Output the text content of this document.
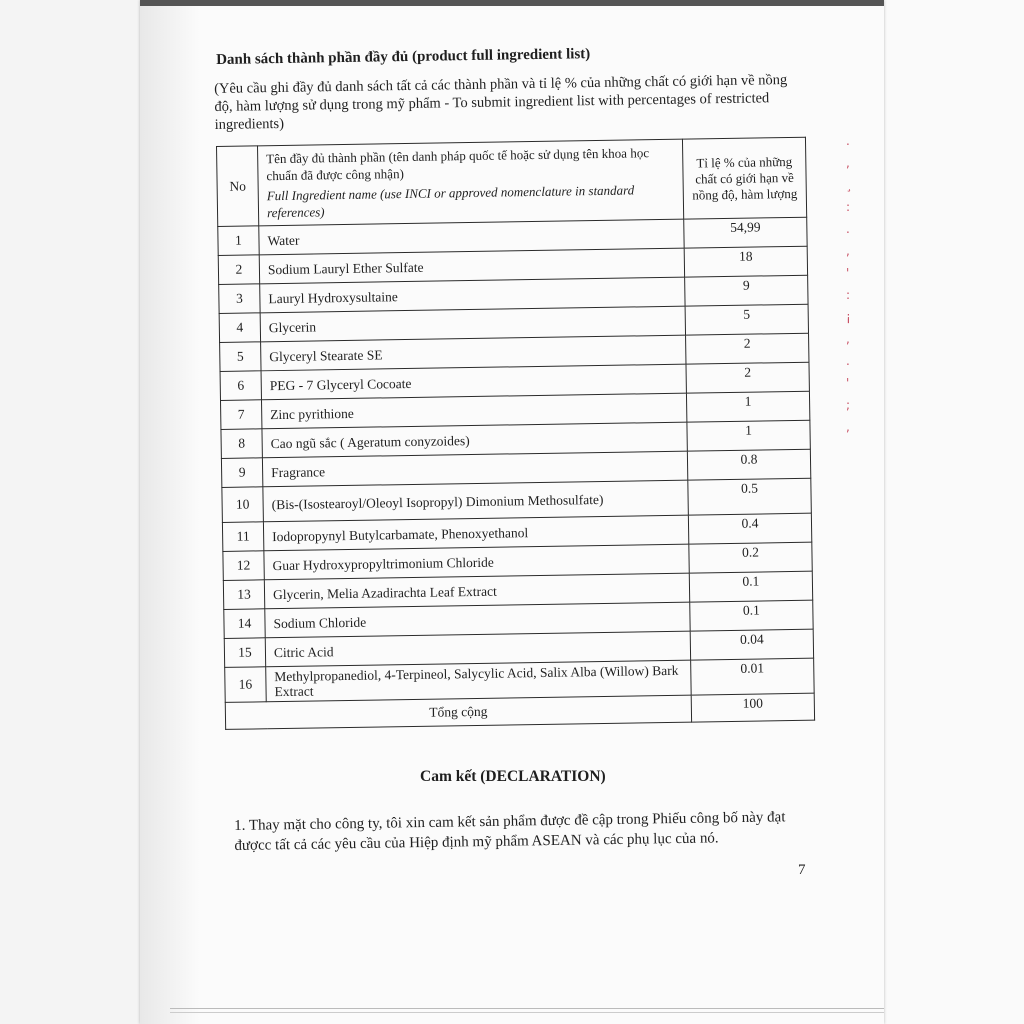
.
,
¸
:
.
,
'
:
¡
,
.
'
;
,
Danh sách thành phần đầy đủ (product full ingredient list)
(Yêu cầu ghi đầy đủ danh sách tất cả các thành phần và tỉ lệ % của những chất có giới hạn về nồng độ, hàm lượng sử dụng trong mỹ phẩm - To submit ingredient list with percentages of restricted ingredients)
No	Tên đầy đủ thành phần (tên danh pháp quốc tế hoặc sử dụng tên khoa học chuẩn đã được công nhận)
Full Ingredient name (use INCI or approved nomenclature in standard references)	Tỉ lệ % của những chất có giới hạn về nồng độ, hàm lượng
1	Water	54,99
2	Sodium Lauryl Ether Sulfate	18
3	Lauryl Hydroxysultaine	9
4	Glycerin	5
5	Glyceryl Stearate SE	2
6	PEG - 7 Glyceryl Cocoate	2
7	Zinc pyrithione	1
8	Cao ngũ sắc ( Ageratum conyzoides)	1
9	Fragrance	0.8
10	(Bis-(Isostearoyl/Oleoyl Isopropyl) Dimonium Methosulfate)	0.5
11	Iodopropynyl Butylcarbamate, Phenoxyethanol	0.4
12	Guar Hydroxypropyltrimonium Chloride	0.2
13	Glycerin, Melia Azadirachta Leaf Extract	0.1
14	Sodium Chloride	0.1
15	Citric Acid	0.04
16	Methylpropanediol, 4-Terpineol, Salycylic Acid, Salix Alba (Willow) Bark Extract	0.01
Tổng cộng		100
Cam kết (DECLARATION)
1. Thay mặt cho công ty, tôi xin cam kết sản phẩm được đề cập trong Phiếu công bố này đạt đượcc tất cả các yêu cầu của Hiệp định mỹ phẩm ASEAN và các phụ lục của nó.
7
